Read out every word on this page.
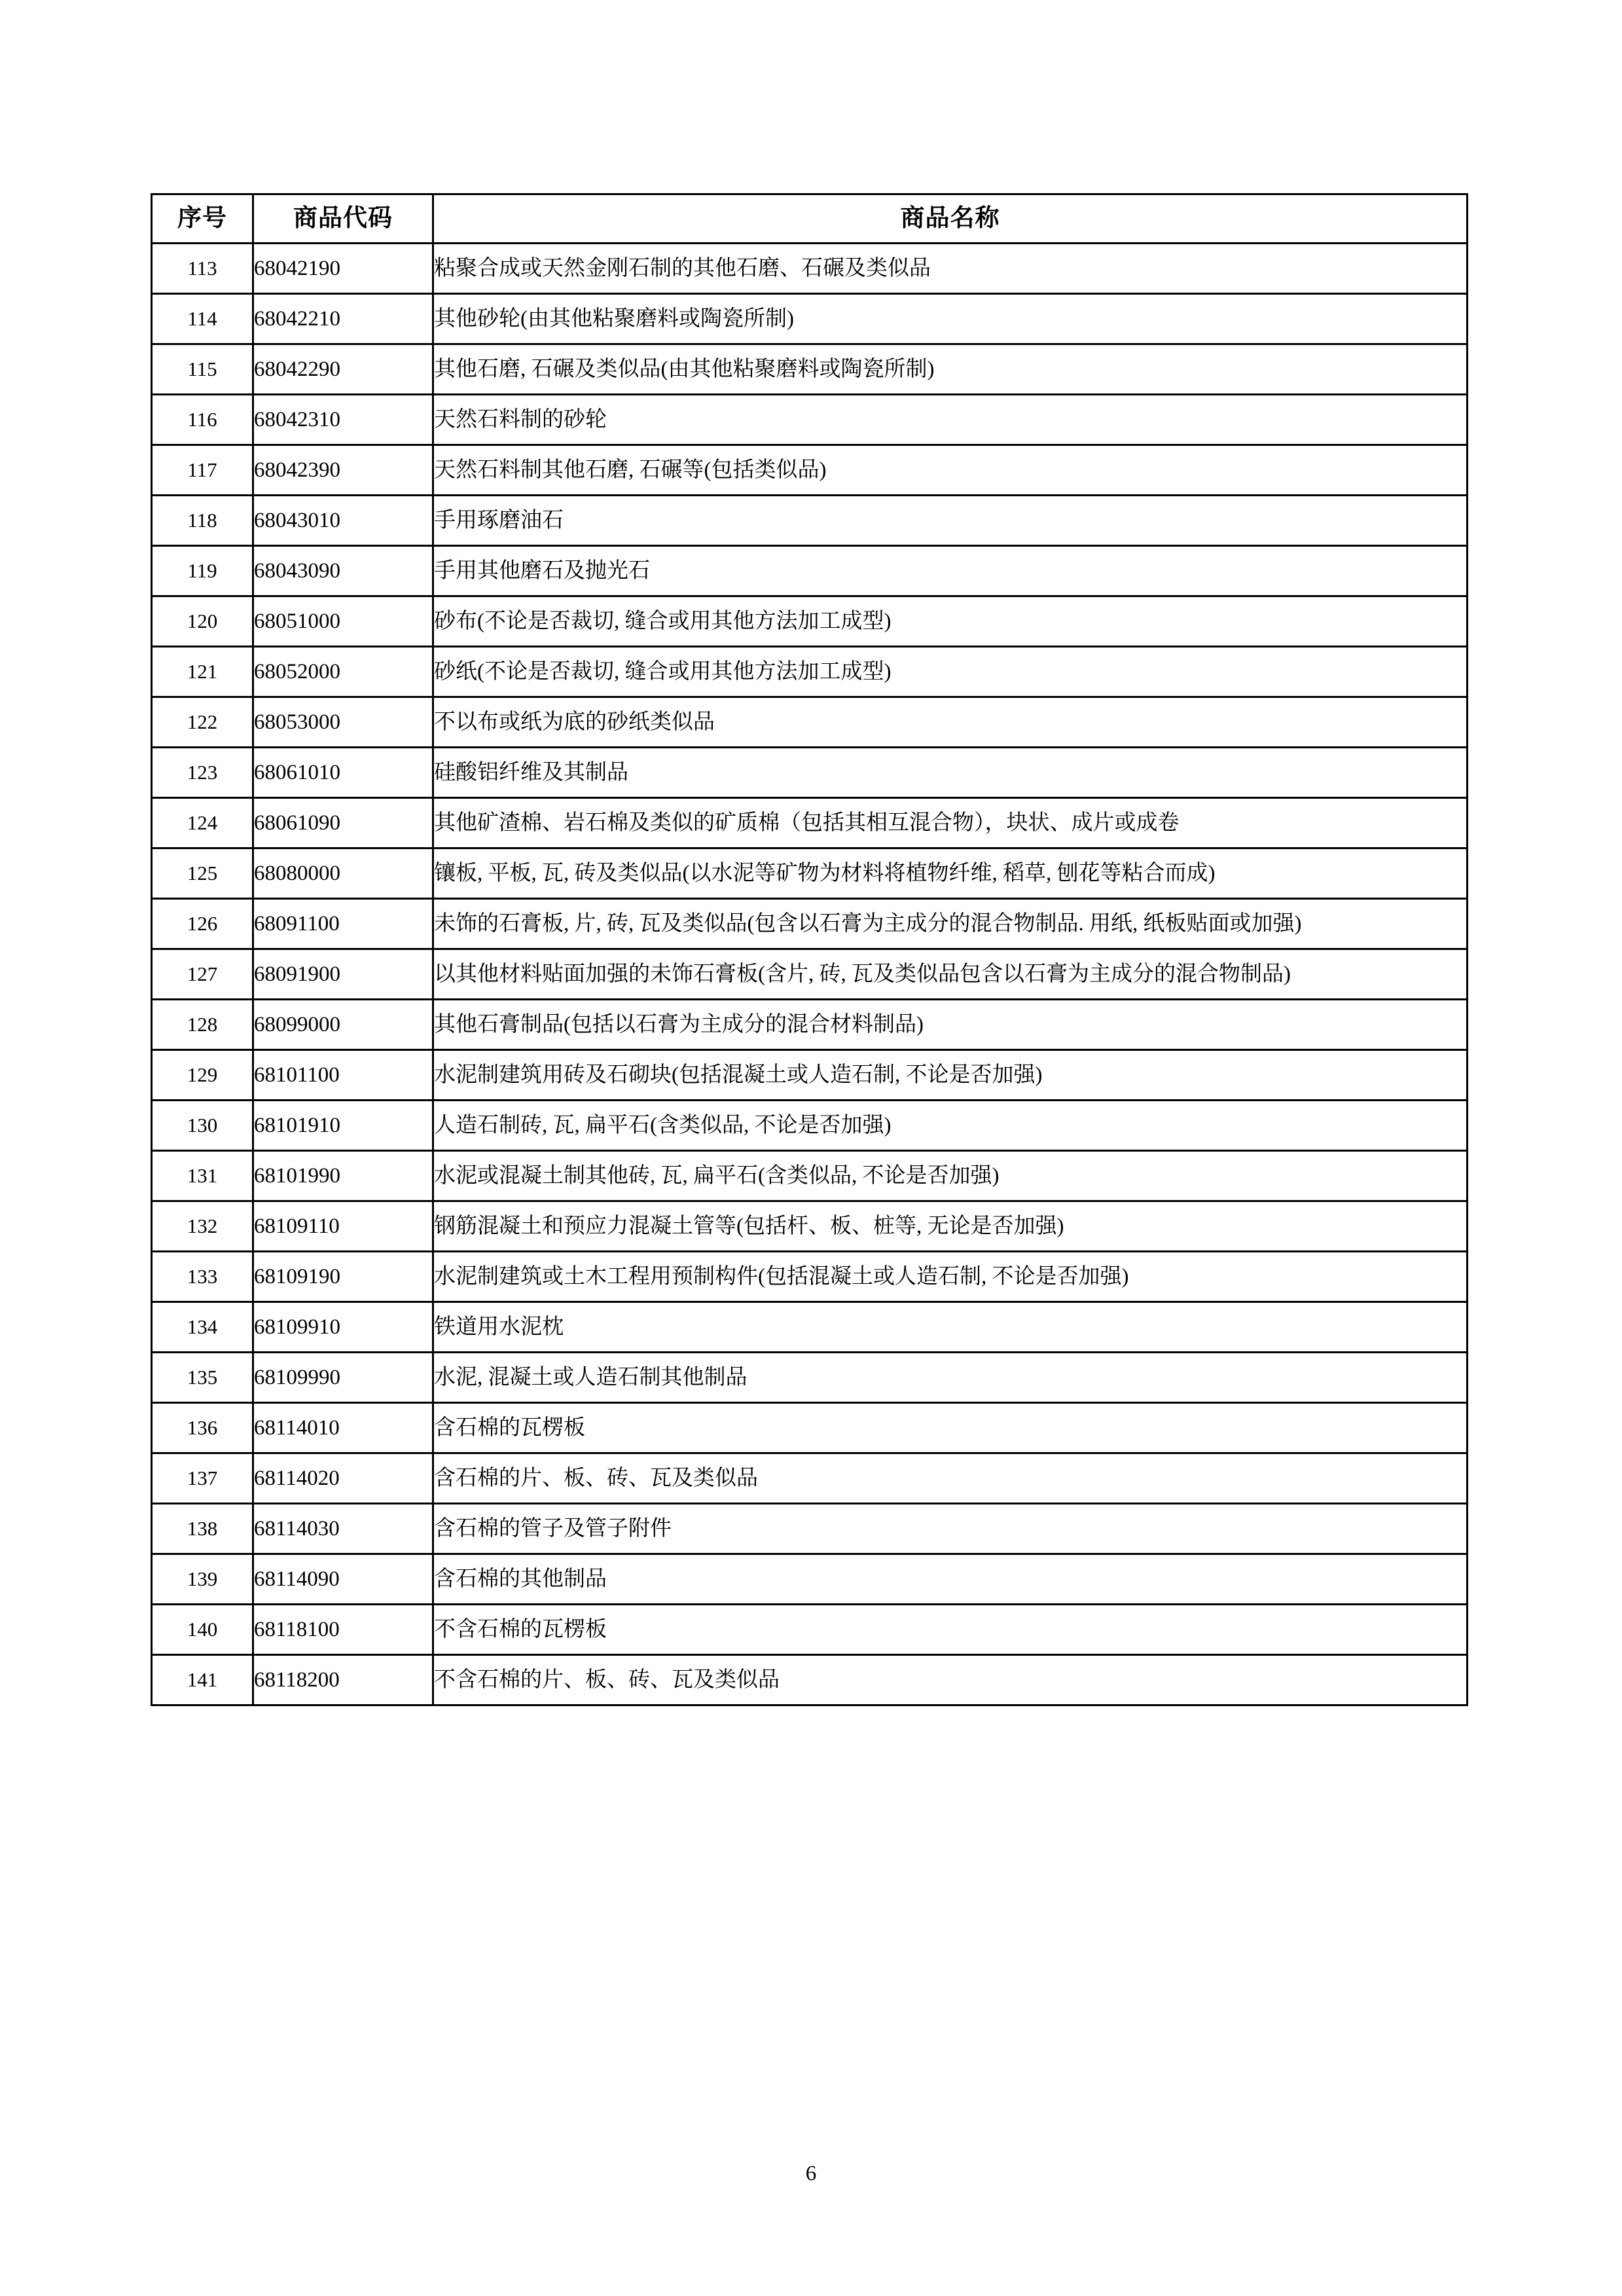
序号	商品代码	商品名称
113	68042190	粘聚合成或天然金刚石制的其他石磨、石碾及类似品
114	68042210	其他砂轮(由其他粘聚磨料或陶瓷所制)
115	68042290	其他石磨, 石碾及类似品(由其他粘聚磨料或陶瓷所制)
116	68042310	天然石料制的砂轮
117	68042390	天然石料制其他石磨, 石碾等(包括类似品)
118	68043010	手用琢磨油石
119	68043090	手用其他磨石及抛光石
120	68051000	砂布(不论是否裁切, 缝合或用其他方法加工成型)
121	68052000	砂纸(不论是否裁切, 缝合或用其他方法加工成型)
122	68053000	不以布或纸为底的砂纸类似品
123	68061010	硅酸铝纤维及其制品
124	68061090	其他矿渣棉、岩石棉及类似的矿质棉（包括其相互混合物），块状、成片或成卷
125	68080000	镶板, 平板, 瓦, 砖及类似品(以水泥等矿物为材料将植物纤维, 稻草, 刨花等粘合而成)
126	68091100	未饰的石膏板, 片, 砖, 瓦及类似品(包含以石膏为主成分的混合物制品. 用纸, 纸板贴面或加强)
127	68091900	以其他材料贴面加强的未饰石膏板(含片, 砖, 瓦及类似品包含以石膏为主成分的混合物制品)
128	68099000	其他石膏制品(包括以石膏为主成分的混合材料制品)
129	68101100	水泥制建筑用砖及石砌块(包括混凝土或人造石制, 不论是否加强)
130	68101910	人造石制砖, 瓦, 扁平石(含类似品, 不论是否加强)
131	68101990	水泥或混凝土制其他砖, 瓦, 扁平石(含类似品, 不论是否加强)
132	68109110	钢筋混凝土和预应力混凝土管等(包括杆、板、桩等, 无论是否加强)
133	68109190	水泥制建筑或土木工程用预制构件(包括混凝土或人造石制, 不论是否加强)
134	68109910	铁道用水泥枕
135	68109990	水泥, 混凝土或人造石制其他制品
136	68114010	含石棉的瓦楞板
137	68114020	含石棉的片、板、砖、瓦及类似品
138	68114030	含石棉的管子及管子附件
139	68114090	含石棉的其他制品
140	68118100	不含石棉的瓦楞板
141	68118200	不含石棉的片、板、砖、瓦及类似品
6
